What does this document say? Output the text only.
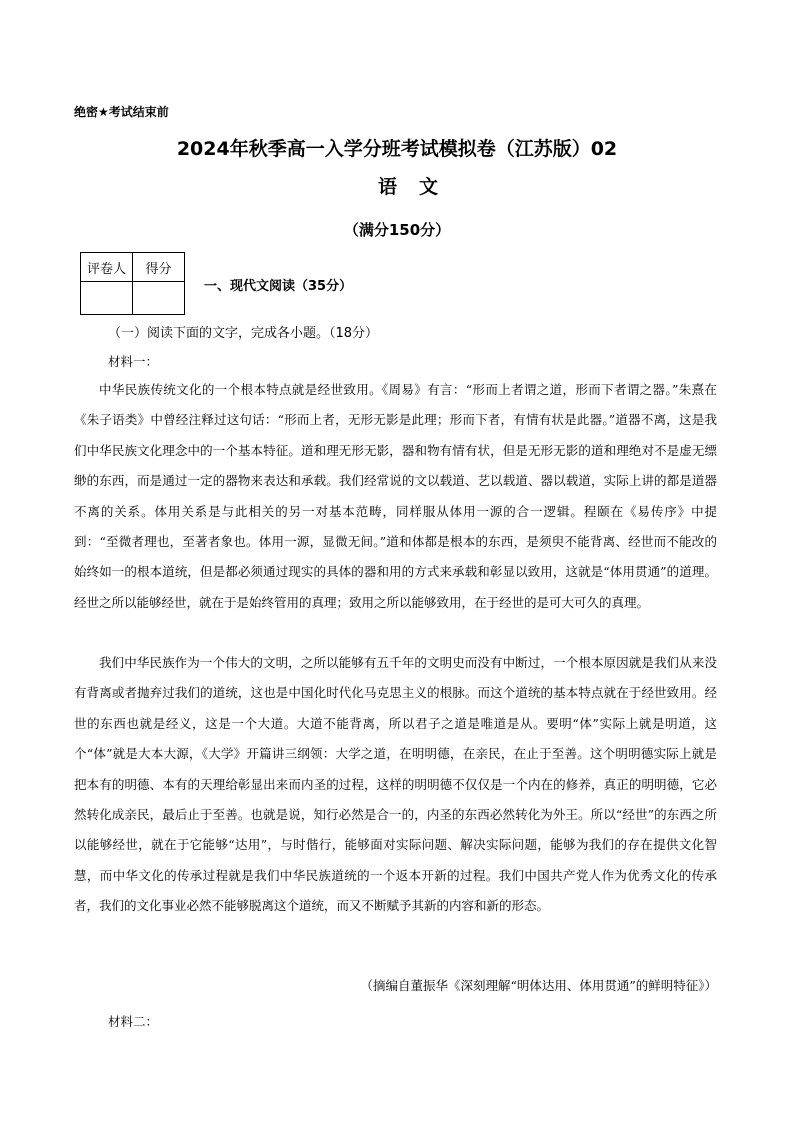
绝密★考试结束前
2024年秋季高一入学分班考试模拟卷（江苏版）02
语文
（满分150分）
评卷人	得分

一、现代文阅读（35分）
（一）阅读下面的文字，完成各小题。（18分）
材料一：
中华民族传统文化的一个根本特点就是经世致用。《周易》有言：“形而上者谓之道，形而下者谓之器。”朱熹在《朱子语类》中曾经注释过这句话：“形而上者，无形无影是此理；形而下者，有情有状是此器。”道器不离，这是我们中华民族文化理念中的一个基本特征。道和理无形无影，器和物有情有状，但是无形无影的道和理绝对不是虚无缥缈的东西，而是通过一定的器物来表达和承载。我们经常说的文以载道、艺以载道、器以载道，实际上讲的都是道器不离的关系。体用关系是与此相关的另一对基本范畴，同样服从体用一源的合一逻辑。程颐在《易传序》中提到：“至微者理也，至著者象也。体用一源，显微无间。”道和体都是根本的东西，是须臾不能背离、经世而不能改的始终如一的根本道统，但是都必须通过现实的具体的器和用的方式来承载和彰显以致用，这就是“体用贯通”的道理。经世之所以能够经世，就在于是始终管用的真理；致用之所以能够致用，在于经世的是可大可久的真理。
我们中华民族作为一个伟大的文明，之所以能够有五千年的文明史而没有中断过，一个根本原因就是我们从来没有背离或者抛弃过我们的道统，这也是中国化时代化马克思主义的根脉。而这个道统的基本特点就在于经世致用。经世的东西也就是经义，这是一个大道。大道不能背离，所以君子之道是唯道是从。要明“体”实际上就是明道，这个“体”就是大本大源，《大学》开篇讲三纲领：大学之道，在明明德，在亲民，在止于至善。这个明明德实际上就是把本有的明德、本有的天理给彰显出来而内圣的过程，这样的明明德不仅仅是一个内在的修养，真正的明明德，它必然转化成亲民，最后止于至善。也就是说，知行必然是合一的，内圣的东西必然转化为外王。所以“经世”的东西之所以能够经世，就在于它能够“达用”，与时偕行，能够面对实际问题、解决实际问题，能够为我们的存在提供文化智慧，而中华文化的传承过程就是我们中华民族道统的一个返本开新的过程。我们中国共产党人作为优秀文化的传承者，我们的文化事业必然不能够脱离这个道统，而又不断赋予其新的内容和新的形态。
（摘编自董振华《深刻理解“明体达用、体用贯通”的鲜明特征》）
材料二：
